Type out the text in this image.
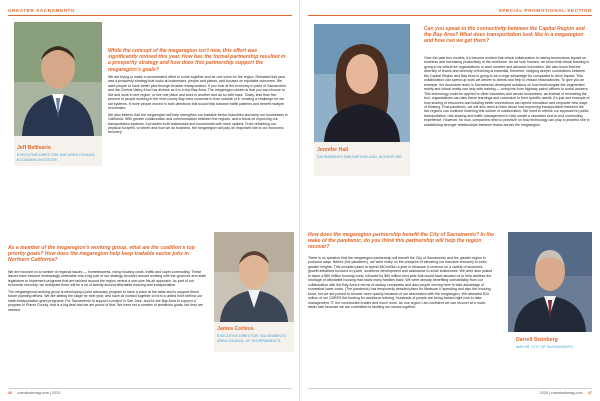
GREATER SACRAMENTO
Jeff Bellisario
EXECUTIVE DIRECTOR, BAY AREA COUNCIL ECONOMIC INSTITUTE
While the concept of the megaregion isn't new, this effort was significantly revised this year. How has the formal partnership resulted in a prosperity strategy and how does this partnership support the megaregion's goals?

We are trying to make a concentrated effort to come together and be one voice for the region. Released this year was a prosperity strategy that looks at businesses, people and places, and focuses on equitable outcomes. We want people to have better jobs through broader transportation. If you look at the economy in parts of Sacramento and the Central Valley it isn't as diverse as it is in the Bay Area. The megaregion dream is that you can choose to live and work in one region, or live one place and work in another and do so with ease. Today, less than five percent of people working in the nine-county Bay Area commute in from outside of it, creating a challenge for our rail systems. If more people moved in both directions this would help balance traffic patterns and benefit multiple economies.

We also believe that the megaregion will help strengthen our tradable sector industries and keep our businesses in California. With greater collaboration and communication between the regions, and a focus on improving our transportation systems, it provides both businesses and households with more options. From rethinking our physical footprint, to where and how we do business, the megaregion will play an important role in our economic recovery.

As a member of the megaregion's working group, what are the coalition's top priority goals? How does the megaregion help keep tradable sector jobs in Northern California?

We are focused on a number of regional issues — homelessness, rising housing costs, traffic and super-commuting. These issues have become increasingly untenable and a big part of our strategy revolves around working with the governor and state legislature to implement programs that are tailored around the region versus a one-size-fits-all approach. As part of our economic recovery, we anticipate there will be a lot of activity around affordable housing and transportation.

The megaregional working group is developing a joint advocacy program to have a voice at the table and to support these future planning efforts. We are setting the stage for next year, and have all worked together to form a united front behind our state transportation grant programs. For Sacramento to support a project in San Jose, and for the Bay Area to support a program in Placer County, that is a big deal and we are proud of that. We have set a number of ambitious goals, but they are needed.

James Corless
EXECUTIVE DIRECTOR, SACRAMENTO AREA COUNCIL OF GOVERNMENTS
46 comstockmag.com | 2020
SPECIAL PROMOTIONAL SECTION
Jennifer Hall
SACRAMENTO INNOVATION LEAD, ACCENTURE
Can you speak to the connectivity between the Capital Region and the Bay Area? What does transportation look like in a megaregion and how can we get there?

Over the past few months, it's become evident that virtual collaboration is having tremendous impact on business and increasing productivity in the workforce. As we look forward, we know that virtual learning is going to be critical for organizations to work smarter and advance innovation. We also know that the diversity of teams and diversity of thinking is essential, therefore, bridging deeper connections between the Capital Region and Bay Area is going to be a huge advantage for companies to drive impact. This collaboration can speed up work we deliver to clients and help to reduce redundancies. To give you an example, the Accenture team in Sacramento developed solutions on how technologies like augmented reality and virtual reality can help with training — everyone from highway patrol officers to social workers. This technology could be applied to other industries and across businesses, as instead of recreating the tool, organizations can take these learnings and customize to their specific needs. It's just one example of how sharing of resources and building better connections can speed innovation and empower new ways of thinking. Post-pandemic, we will also need to think about how improving transportation between the two regions can continue fostering this culture of collaboration. We need to rethink our approach to public transportation, ride-sharing and traffic management to help create a seamless end-to-end commuting experience. However, for now, companies need to prioritize on how technology can play a powerful role in establishing stronger relationships between teams across the megaregion.

How does the megaregion partnership benefit the City of Sacramento? In the wake of the pandemic, do you think this partnership will help the region recover?

There is no question that the megaregion partnership will benefit the City of Sacramento and the greater region in profound ways. Before (the pandemic), we were really on the precipice of elevating our inclusive economy to even greater heights. This included plans to spend $40 million a year in Measure U revenue on a variety of economic growth initiatives focused on youth, workforce development and assistance to small businesses. We were also poised to issue a $50 million housing bond, followed by $50 million next year that would have allowed us to help address the shortage of affordable housing that holds many families back. We were already benefiting substantially from our collaboration with the Bay Area in terms of startup companies and also people moving here to take advantage of somewhat lower costs. (The pandemic) has temporarily derailed plans for Measure U spending and also the housing bond, but we are poised to recover more quickly because of our association with the megaregion. We allocated $10 million of our CARES Act funding for workforce training. Hundreds of people are being trained right now in data management, IT, the construction trades and much more. As one region I am confident we can recover at a much faster rate because we are committed to tackling our issues together.

Darrell Steinberg
MAYOR, CITY OF SACRAMENTO
2020 | comstockmag.com 47
